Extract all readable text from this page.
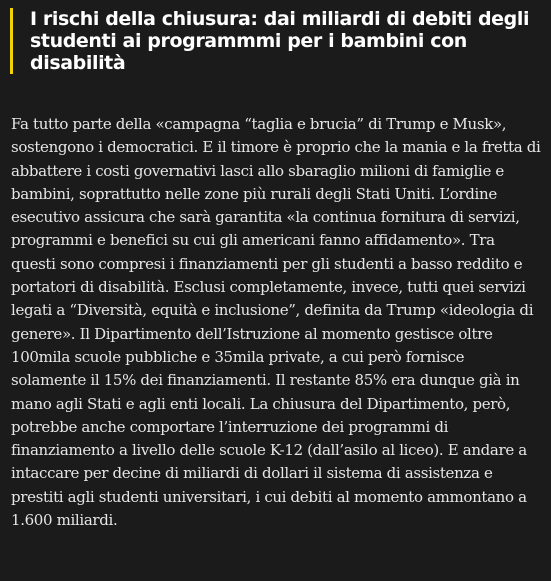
I rischi della chiusura: dai miliardi di debiti degli studenti ai programmmi per i bambini con disabilità

Fa tutto parte della «campagna “taglia e brucia” di Trump e Musk», sostengono i democratici. E il timore è proprio che la mania e la fretta di abbattere i costi governativi lasci allo sbaraglio milioni di famiglie e bambini, soprattutto nelle zone più rurali degli Stati Uniti. L’ordine esecutivo assicura che sarà garantita «la continua fornitura di servizi, programmi e benefici su cui gli americani fanno affidamento». Tra questi sono compresi i finanziamenti per gli studenti a basso reddito e portatori di disabilità. Esclusi completamente, invece, tutti quei servizi legati a “Diversità, equità e inclusione”, definita da Trump «ideologia di genere». Il Dipartimento dell’Istruzione al momento gestisce oltre 100mila scuole pubbliche e 35mila private, a cui però fornisce solamente il 15% dei finanziamenti. Il restante 85% era dunque già in mano agli Stati e agli enti locali. La chiusura del Dipartimento, però, potrebbe anche comportare l’interruzione dei programmi di finanziamento a livello delle scuole K-12 (dall’asilo al liceo). E andare a intaccare per decine di miliardi di dollari il sistema di assistenza e prestiti agli studenti universitari, i cui debiti al momento ammontano a 1.600 miliardi.
